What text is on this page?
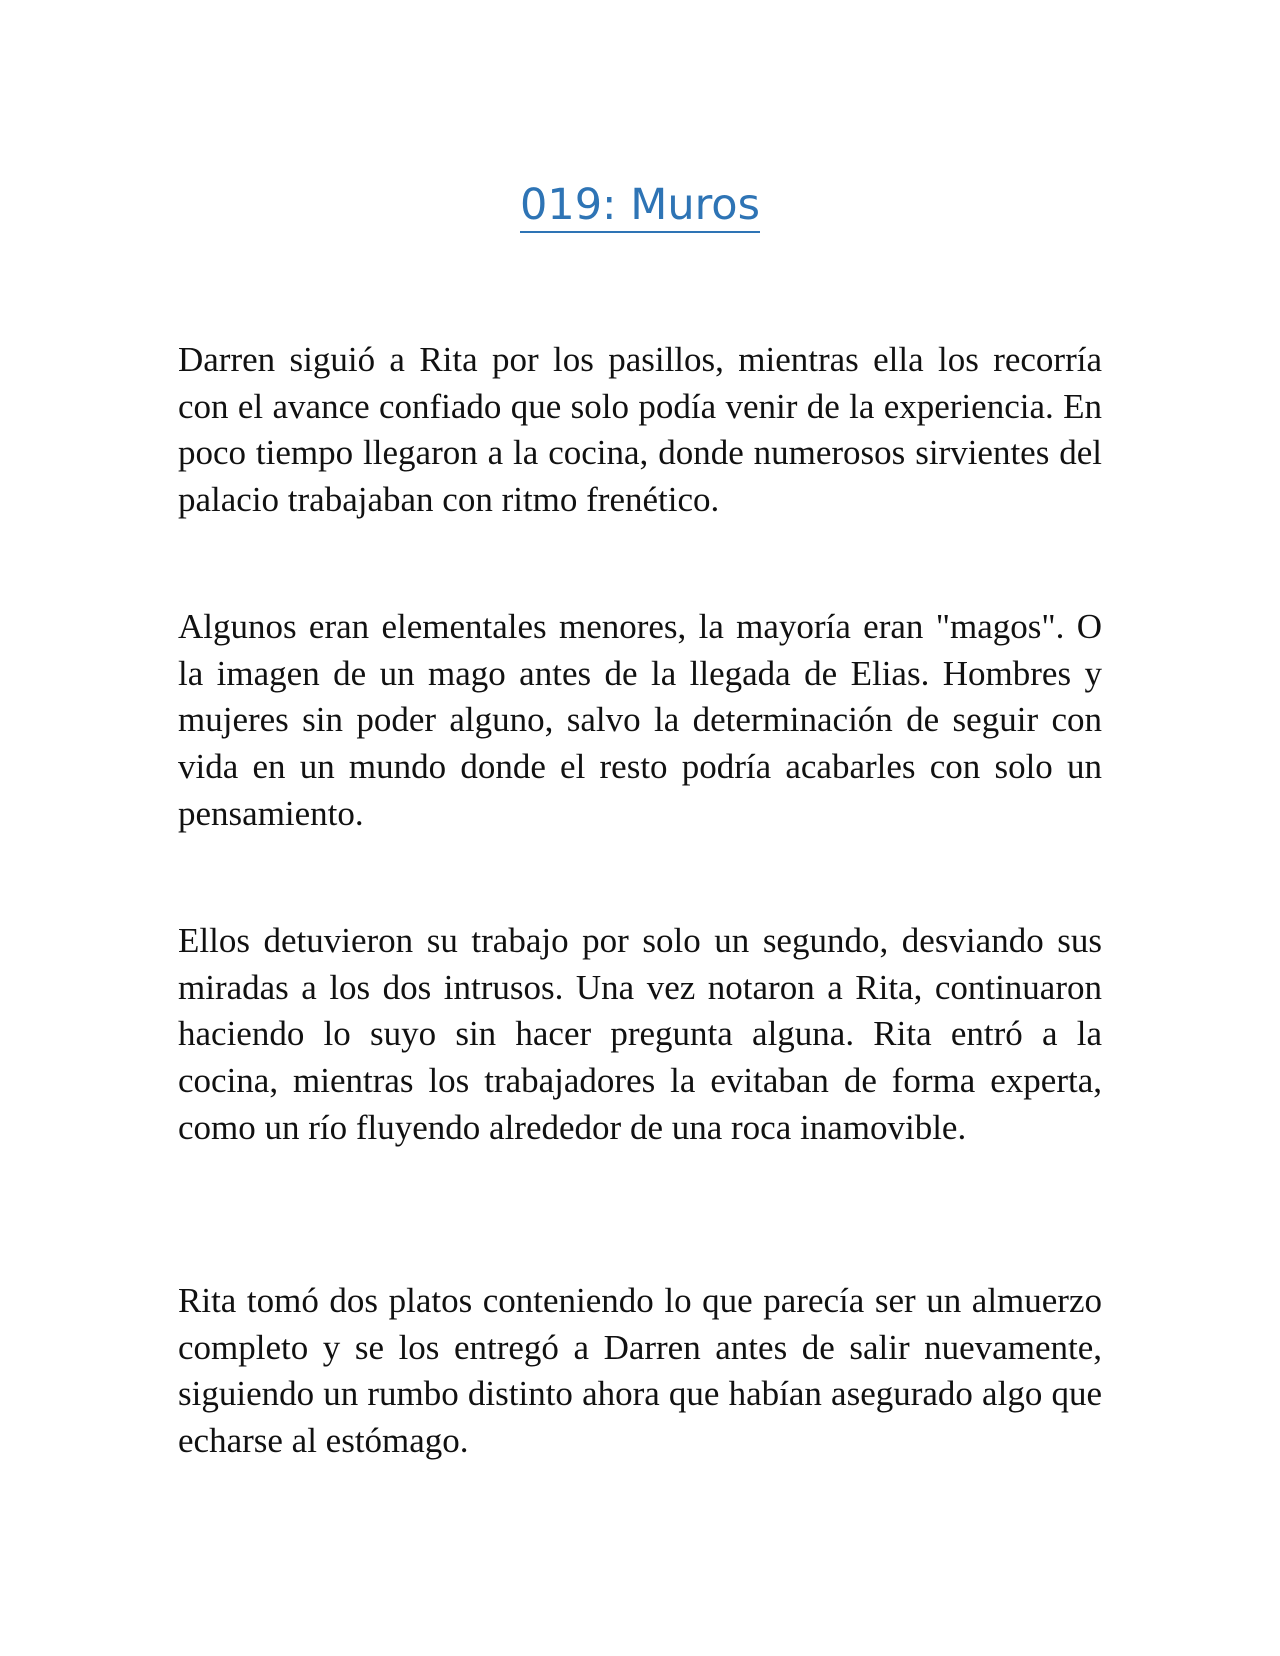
019: Muros

Darren siguió a Rita por los pasillos, mientras ella los recorría con el avance confiado que solo podía venir de la experiencia. En poco tiempo llegaron a la cocina, donde numerosos sirvientes del palacio trabajaban con ritmo frenético.

Algunos eran elementales menores, la mayoría eran "magos". O la imagen de un mago antes de la llegada de Elias. Hombres y mujeres sin poder alguno, salvo la determinación de seguir con vida en un mundo donde el resto podría acabarles con solo un pensamiento.

Ellos detuvieron su trabajo por solo un segundo, desviando sus miradas a los dos intrusos. Una vez notaron a Rita, continuaron haciendo lo suyo sin hacer pregunta alguna. Rita entró a la cocina, mientras los trabajadores la evitaban de forma experta, como un río fluyendo alrededor de una roca inamovible.

Rita tomó dos platos conteniendo lo que parecía ser un almuerzo completo y se los entregó a Darren antes de salir nuevamente, siguiendo un rumbo distinto ahora que habían asegurado algo que echarse al estómago.
